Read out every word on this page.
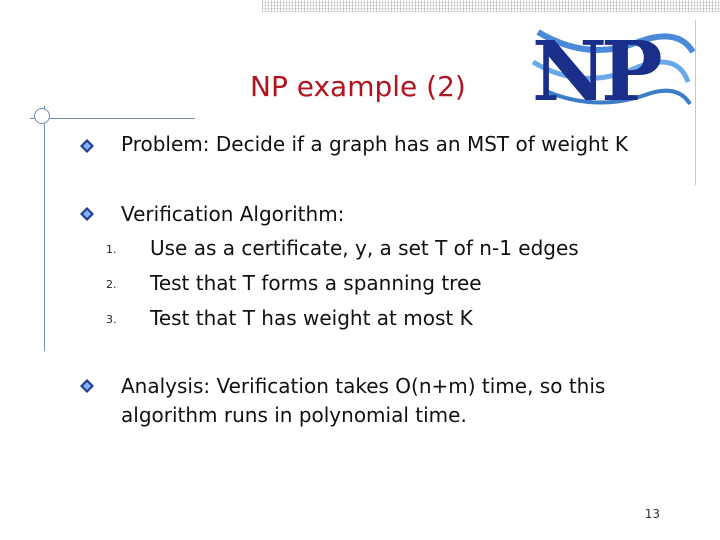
NP example (2) NP
Problem: Decide if a graph has an MST of weight K
Verification Algorithm:
1. Use as a certificate, y, a set T of n-1 edges
2. Test that T forms a spanning tree
3. Test that T has weight at most K
Analysis: Verification takes O(n+m) time, so this
algorithm runs in polynomial time.
13
